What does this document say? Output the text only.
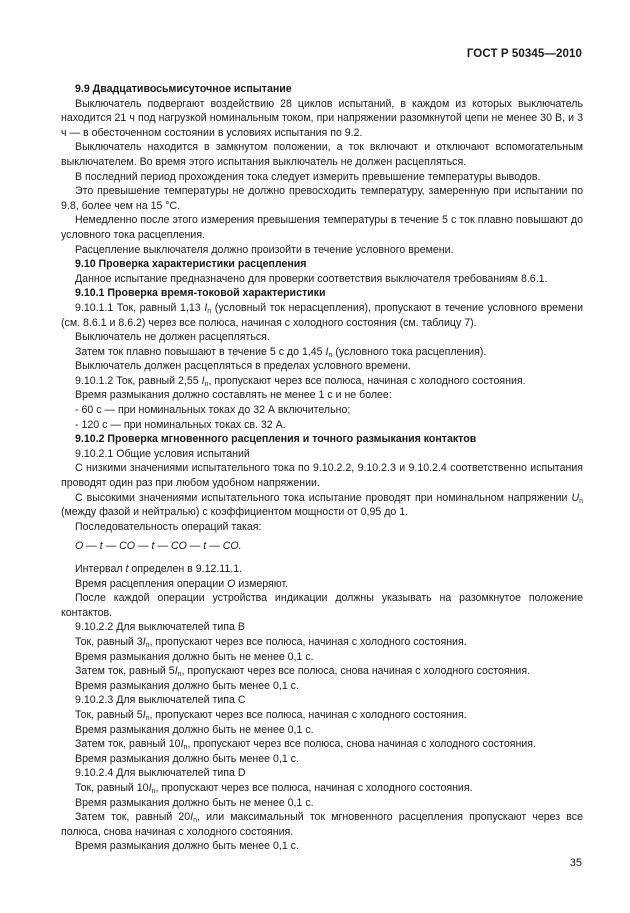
ГОСТ Р 50345—2010

9.9 Двадцативосьмисуточное испытание

Выключатель подвергают воздействию 28 циклов испытаний, в каждом из которых выключатель находится 21 ч под нагрузкой номинальным током, при напряжении разомкнутой цепи не менее 30 В, и 3 ч — в обесточенном состоянии в условиях испытания по 9.2.

Выключатель находится в замкнутом положении, а ток включают и отключают вспомогательным выключателем. Во время этого испытания выключатель не должен расцепляться.

В последний период прохождения тока следует измерить превышение температуры выводов.

Это превышение температуры не должно превосходить температуру, замеренную при испытании по 9.8, более чем на 15 °С.

Немедленно после этого измерения превышения температуры в течение 5 с ток плавно повышают до условного тока расцепления.

Расцепление выключателя должно произойти в течение условного времени.

9.10 Проверка характеристики расцепления

Данное испытание предназначено для проверки соответствия выключателя требованиям 8.6.1.

9.10.1 Проверка время-токовой характеристики

9.10.1.1 Ток, равный 1,13 $I_n$ (условный ток нерасцепления), пропускают в течение условного времени (см. 8.6.1 и 8.6.2) через все полюса, начиная с холодного состояния (см. таблицу 7).

Выключатель не должен расцепляться.

Затем ток плавно повышают в течение 5 с до 1,45 $I_n$ (условного тока расцепления).

Выключатель должен расцепляться в пределах условного времени.

9.10.1.2 Ток, равный 2,55 $I_n$, пропускают через все полюса, начиная с холодного состояния.

Время размыкания должно составлять не менее 1 с и не более:

- 60 с — при номинальных токах до 32 А включительно;

- 120 с — при номинальных токах св. 32 А.

9.10.2 Проверка мгновенного расцепления и точного размыкания контактов

9.10.2.1 Общие условия испытаний

С низкими значениями испытательного тока по 9.10.2.2, 9.10.2.3 и 9.10.2.4 соответственно испытания проводят один раз при любом удобном напряжении.

С высокими значениями испытательного тока испытание проводят при номинальном напряжении $U_n$ (между фазой и нейтралью) с коэффициентом мощности от 0,95 до 1.

Последовательность операций такая:

O — t — CO — t — CO — t — CO.

Интервал t определен в 9.12.11.1.

Время расцепления операции O измеряют.

После каждой операции устройства индикации должны указывать на разомкнутое положение контактов.

9.10.2.2 Для выключателей типа В

Ток, равный $3I_n$, пропускают через все полюса, начиная с холодного состояния.

Время размыкания должно быть не менее 0,1 с.

Затем ток, равный $5I_n$, пропускают через все полюса, снова начиная с холодного состояния.

Время размыкания должно быть менее 0,1 с.

9.10.2.3 Для выключателей типа С

Ток, равный $5I_n$, пропускают через все полюса, начиная с холодного состояния.

Время размыкания должно быть не менее 0,1 с.

Затем ток, равный $10I_n$, пропускают через все полюса, снова начиная с холодного состояния.

Время размыкания должно быть менее 0,1 с.

9.10.2.4 Для выключателей типа D

Ток, равный $10I_n$, пропускают через все полюса, начиная с холодного состояния.

Время размыкания должно быть не менее 0,1 с.

Затем ток, равный $20I_n$, или максимальный ток мгновенного расцепления пропускают через все полюса, снова начиная с холодного состояния.

Время размыкания должно быть менее 0,1 с.

35
